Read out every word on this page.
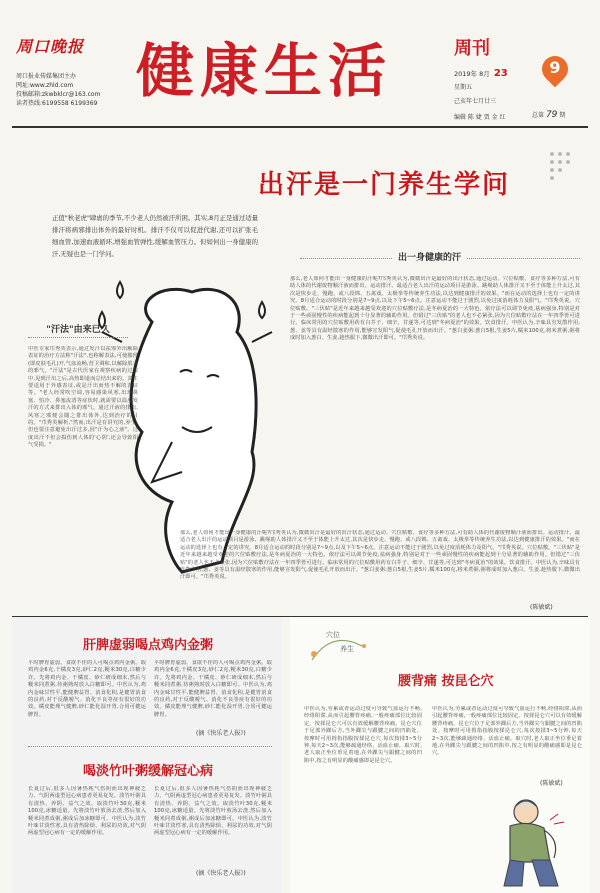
周口晚报
周口报业传媒集团主办
网址:www.zhld.com
投稿邮箱:zkwbklcr@163.com
读者热线:6199558 6199369 健康生活	周刊
2019年 8月 23
星期五
己亥年七月廿三
编辑 陈 婕 贾 金 红
9
总第 79 期
出汗是一门养生学问
正值"秋老虎"肆虐的季节,不少老人仍然被汗所困。其实,8月正是通过适量排汗将病邪排出体外的最好时机。排汗不仅可以促进代谢,还可以扩张毛细血管,加速血液循环,增强血管弹性,缓解血管压力。但如何出一身健康的汗,无疑也是一门学问。	出一身健康的汗
"汗法"由来已久
中医专家邝秀英表示,通过发汗以祛邪外出解除表证的治疗方法称"汗法",也称解表法,可使腠理(即皮肤毛孔)开,气血流畅,营卫调和,以解除肌表的邪气。"汗法"是古代医家在观察疾病的过程中,见到汗出之后,高热即退而总结出来的。其主要适用于外感表证,或是汗出而热不解的表证等。"老人经常吹空调,容易感染风寒,出现鼻塞、怕冷、鼻塞流清等症状时,就需要以温度发汗的方式来排出入体的邪气。通过汗液的排出,风寒之邪便会随之排出体外,达到治疗的目的。"邝秀英解析,"然而,出汗是有讲究的,养生,但也要注意避免出汗过多,因"汗为心之液"。过度出汗不但会损伤到人体的'心阴',还会导致阳气受损。"
那么,老人如何才能出一身健康的汗呢?邝秀英认为,微微出汗是最好的出汗状态,通过运动、穴位贴敷、食疗等多种方法,可有助人体的代谢废物顺汗液而排出。运动排汗。最适合老人出汗的运动项目是游泳、跳绳助人体排汗又不至于体能上升太过,其次是快步走、慢跑、或八段锦、五禽戏、太极拳等传统养生功法,以达到健康排汗的效果。"而在运动的选择上也有一定的讲究。8月适合运动的时段分别是7~9点,以及下午5~6点。注意运动不能过于剧烈,以免过度消耗体力及阳气。"邝秀英说。穴位贴敷。"三伏贴"是近年来越来越受欢迎的穴位贴敷疗法,是冬病夏治的一大特色。依疗法可以调节免疫,祛病强身,特别是对于一些顽固慢性的疾病能起到十分显著的辅助作用。但错过"三伏贴"的老人也不必紧张,因为穴位贴敷疗法在一年四季皆可进行。临床常用的穴位贴敷用药有白芥子、细辛、甘遂等,可达到"冬病夏治"的效果。饮食排汗。中医认为,辛味具有发散作用,葱、姜等具有温经散寒的作用,能够宣发阳气,促使毛孔开放而出汗。"葱白姜粥:葱白5根,生姜5片,糯米100克,将米煮粥,粥将成时加入葱白、生姜,趁热服下,微微出汗即可。"邝秀英说。
那么,老人如何才能出一身健康的汗呢?邝秀英认为,微微出汗是最好的出汗状态,通过运动、穴位贴敷、食疗等多种方法,可有助人体的代谢废物顺汗液而排出。运动排汗。最适合老人出汗的运动项目是游泳、跳绳助人体排汗又不至于体能上升太过,其次是快步走、慢跑、或八段锦、五禽戏、太极拳等传统养生功法,以达到健康排汗的效果。"而在运动的选择上也有一定的讲究。8月适合运动的时段分别是7~9点,以及下午5~6点。注意运动不能过于剧烈,以免过度消耗体力及阳气。"邝秀英说。穴位贴敷。"三伏贴"是近年来越来越受欢迎的穴位贴敷疗法,是冬病夏治的一大特色。依疗法可以调节免疫,祛病强身,特别是对于一些顽固慢性的疾病能起到十分显著的辅助作用。但错过"三伏贴"的老人也不必紧张,因为穴位贴敷疗法在一年四季皆可进行。临床常用的穴位贴敷用药有白芥子、细辛、甘遂等,可达到"冬病夏治"的效果。饮食排汗。中医认为,辛味具有发散作用,葱、姜等具有温经散寒的作用,能够宣发阳气,促使毛孔开放而出汗。"葱白姜粥:葱白5根,生姜5片,糯米100克,将米煮粥,粥将成时加入葱白、生姜,趁热服下,微微出汗即可。"邝秀英说。
(陈敏斌)
肝脾虚弱喝点鸡内金粥
平时脾胃虚弱、食欲不佳的人可喝点鸡内金粥。取鸡内金6克,干橘皮3克,砂仁2克,粳米30克,白糖少许。先将鸡内金、干橘皮、砂仁研成细末,然后与粳米同煮粥,待粥熟时放入白糖即可。中医认为,鸡内金味甘性平,能健脾益胃、消食化积,是健胃消食的良药,对于反酸嗳气、消化不良等症有很好的功效。橘皮能理气健脾,砂仁能化湿开胃,合用可健运脾胃。
平时脾胃虚弱、食欲不佳的人可喝点鸡内金粥。取鸡内金6克,干橘皮3克,砂仁2克,粳米30克,白糖少许。先将鸡内金、干橘皮、砂仁研成细末,然后与粳米同煮粥,待粥熟时放入白糖即可。中医认为,鸡内金味甘性平,能健脾益胃、消食化积,是健胃消食的良药,对于反酸嗳气、消化不良等症有很好的功效。橘皮能理气健脾,砂仁能化湿开胃,合用可健运脾胃。
(摘《快乐老人报》)
喝淡竹叶粥缓解冠心病
长夏过后,很多人因暑热耗气伤阴而出现神疲乏力、气阴两虚型冠心病患者更易复发。淡竹叶粥具有清热、养阴、益气之效。取淡竹叶30克,粳米100克,冰糖适量。先将淡竹叶煎汤去渣,然后加入粳米同煮成粥,粥成后加冰糖即可。中医认为,淡竹叶味甘淡性寒,具有清热除烦、利尿的功效,对气阴两虚型冠心病有一定的缓解作用。
长夏过后,很多人因暑热耗气伤阴而出现神疲乏力、气阴两虚型冠心病患者更易复发。淡竹叶粥具有清热、养阴、益气之效。取淡竹叶30克,粳米100克,冰糖适量。先将淡竹叶煎汤去渣,然后加入粳米同煮成粥,粥成后加冰糖即可。中医认为,淡竹叶味甘淡性寒,具有清热除烦、利尿的功效,对气阴两虚型冠心病有一定的缓解作用。
(摘《快乐老人报》)
穴位
养生
腰背痛 按昆仑穴
中医认为,劳累或者运动过度可导致气血运行不畅,经络阻滞,从而引起腰背疼痛,一般疼痛部位比较固定。按揉昆仑穴可以有效缓解腰背疼痛。昆仑穴位于足部外踝后方,当外踝尖与跟腱之间的凹陷处。按摩时可用拇指指腹按揉昆仑穴,每次按揉3~5分钟,每天2~3次,能够疏通经络、活血止痛。取穴时,老人取正坐位垂足着地,在外踝尖与跟腱之间的凹陷中,按之有明显的酸痛感即是昆仑穴。
中医认为,劳累或者运动过度可导致气血运行不畅,经络阻滞,从而引起腰背疼痛,一般疼痛部位比较固定。按揉昆仑穴可以有效缓解腰背疼痛。昆仑穴位于足部外踝后方,当外踝尖与跟腱之间的凹陷处。按摩时可用拇指指腹按揉昆仑穴,每次按揉3~5分钟,每天2~3次,能够疏通经络、活血止痛。取穴时,老人取正坐位垂足着地,在外踝尖与跟腱之间的凹陷中,按之有明显的酸痛感即是昆仑穴。
(陈敏斌)
